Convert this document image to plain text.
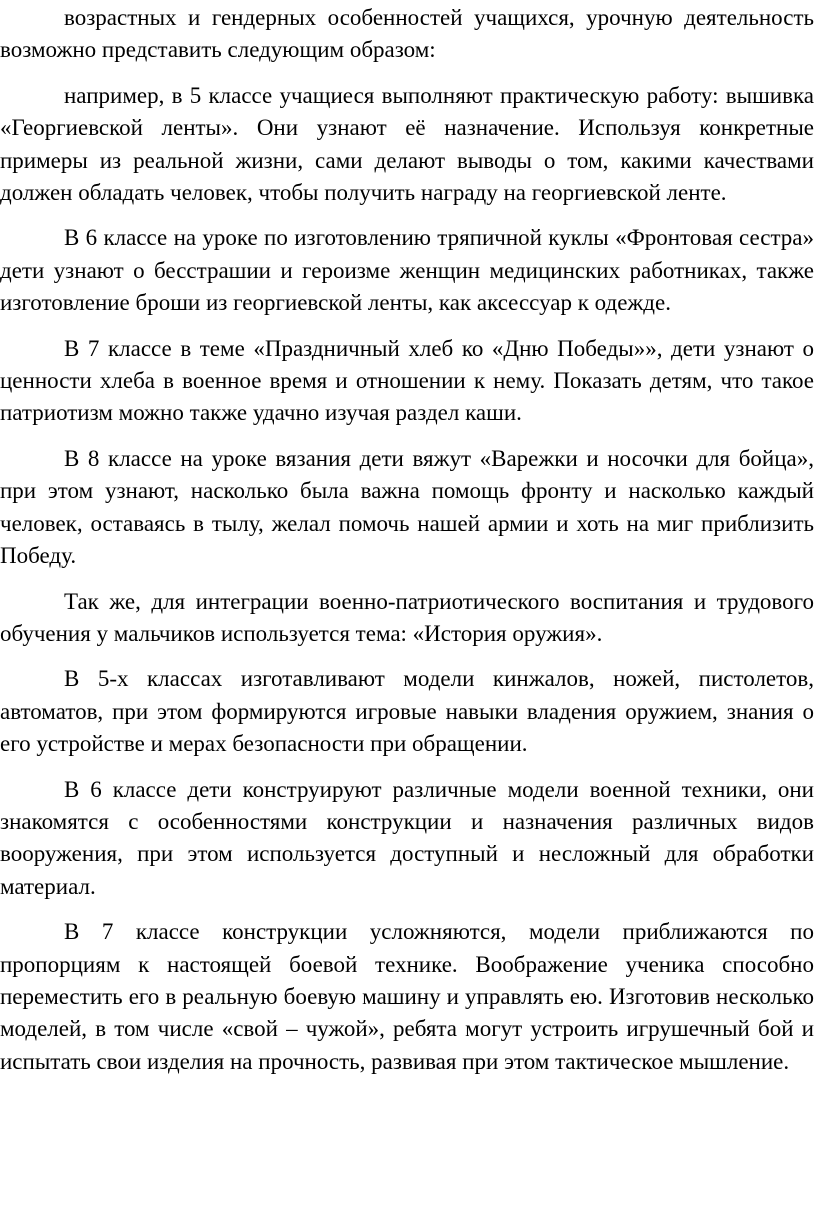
возрастных и гендерных особенностей учащихся, урочную деятельность возможно представить следующим образом:

например, в 5 классе учащиеся выполняют практическую работу: вышивка «Георгиевской ленты». Они узнают её назначение. Используя конкретные примеры из реальной жизни, сами делают выводы о том, какими качествами должен обладать человек, чтобы получить награду на георгиевской ленте.

В 6 классе на уроке по изготовлению тряпичной куклы «Фронтовая сестра» дети узнают о бесстрашии и героизме женщин медицинских работниках, также изготовление броши из георгиевской ленты, как аксессуар к одежде.

В 7 классе в теме «Праздничный хлеб ко «Дню Победы»», дети узнают о ценности хлеба в военное время и отношении к нему. Показать детям, что такое патриотизм можно также удачно изучая раздел каши.

В 8 классе на уроке вязания дети вяжут «Варежки и носочки для бойца», при этом узнают, насколько была важна помощь фронту и насколько каждый человек, оставаясь в тылу, желал помочь нашей армии и хоть на миг приблизить Победу.

Так же, для интеграции военно-патриотического воспитания и трудового обучения у мальчиков используется тема: «История оружия».

В 5-х классах изготавливают модели кинжалов, ножей, пистолетов, автоматов, при этом формируются игровые навыки владения оружием, знания о его устройстве и мерах безопасности при обращении.

В 6 классе дети конструируют различные модели военной техники, они знакомятся с особенностями конструкции и назначения различных видов вооружения, при этом используется доступный и несложный для обработки материал.

В 7 классе конструкции усложняются, модели приближаются по пропорциям к настоящей боевой технике. Воображение ученика способно переместить его в реальную боевую машину и управлять ею. Изготовив несколько моделей, в том числе «свой – чужой», ребята могут устроить игрушечный бой и испытать свои изделия на прочность, развивая при этом тактическое мышление.
